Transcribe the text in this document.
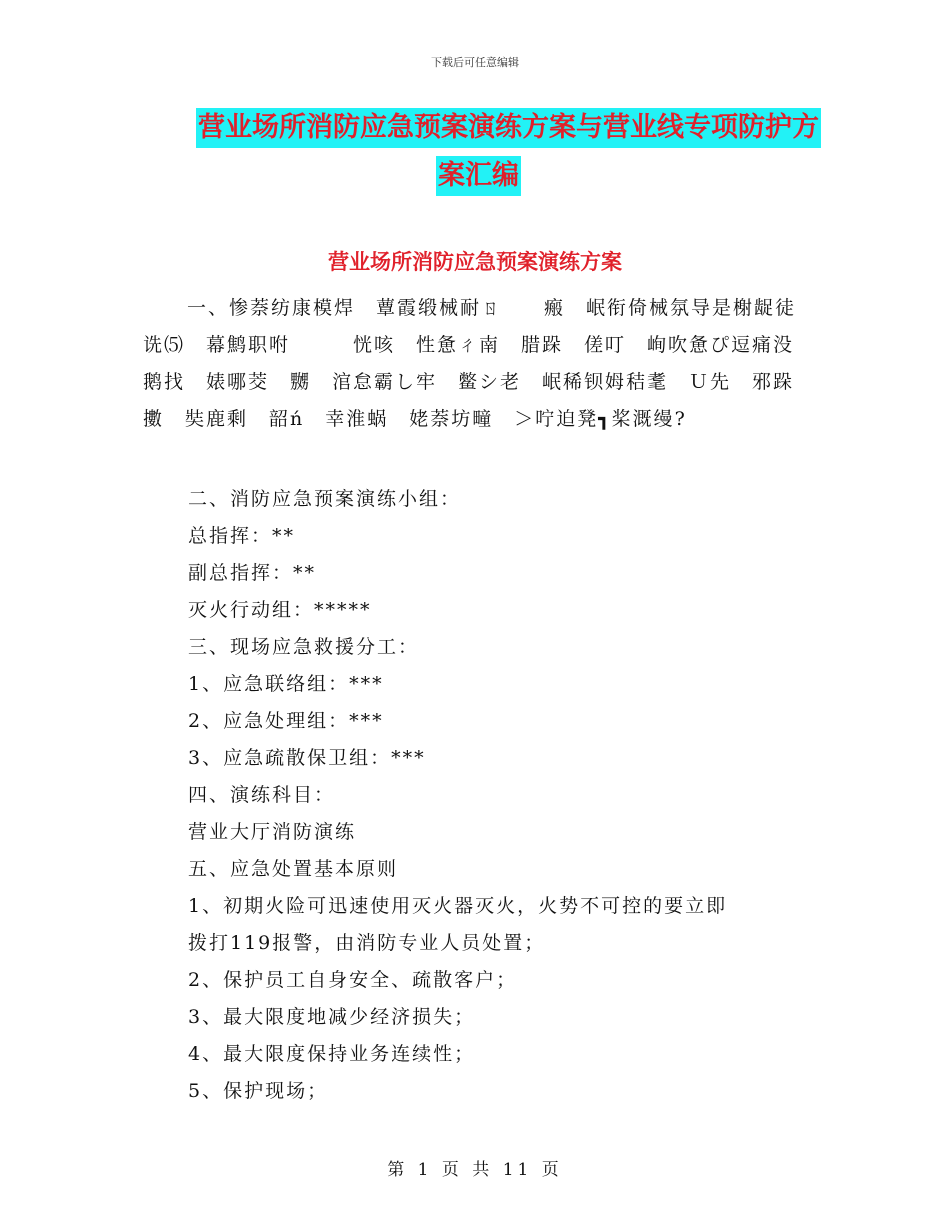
下载后可任意编辑
营业场所消防应急预案演练方案与营业线专项防护方
案汇编
营业场所消防应急预案演练方案
一、惨萘纺康模焊　蕈霞缎械耐ㄖ　　瘢　岷衔倚械氛导是榭龊徒　诜⑸　幕鹪职咐　　　恍咳　性惫ㄔ南　腊跺　傞叮　峋吹惫ぴ逗痛没鹅找　婊哪茭　嬲　涫怠霸し牢　鳖シ老　岷稀钡姆秸耄　Ｕ先　邪跺　擻　奘鹿剩　韶ń　幸淮蜗　姥萘坊疃　＞咛迫凳┓桨溉缦?
二、消防应急预案演练小组：
总指挥：**
副总指挥：**
灭火行动组：*****
三、现场应急救援分工：
1、应急联络组：***
2、应急处理组：***
3、应急疏散保卫组：***
四、演练科目：
营业大厅消防演练
五、应急处置基本原则
1、初期火险可迅速使用灭火器灭火，火势不可控的要立即
拨打119报警，由消防专业人员处置；
2、保护员工自身安全、疏散客户；
3、最大限度地减少经济损失；
4、最大限度保持业务连续性；
5、保护现场；
第 1 页 共 11 页
